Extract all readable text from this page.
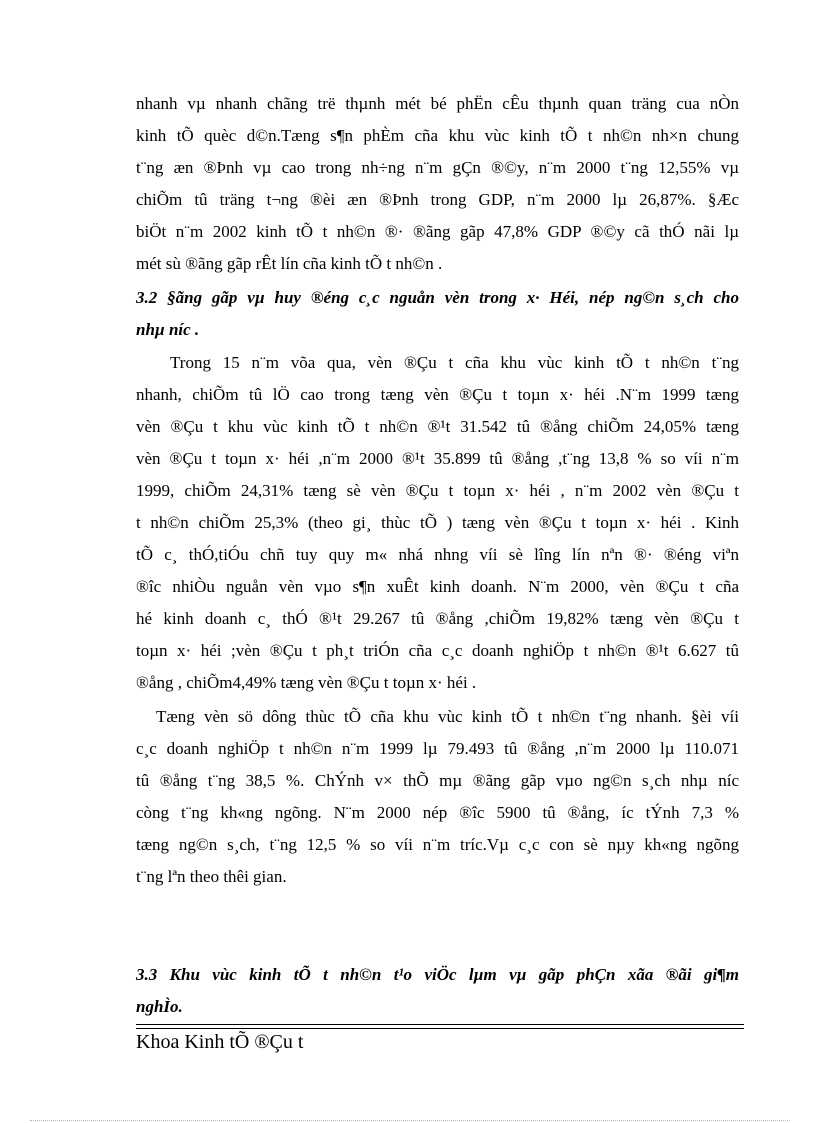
nhanh vµ nhanh chãng trë thµnh mét bé phËn cÊu thµnh quan träng cua nÒn
kinh tÕ quèc d©n.Tæng s¶n phÈm cña khu vùc kinh tÕ t nh©n nh×n chung
t¨ng æn ®Þnh vµ cao trong nh÷ng n¨m gÇn ®©y, n¨m 2000 t¨ng 12,55% vµ
chiÕm tû träng t¬ng ®èi æn ®Þnh trong GDP, n¨m 2000 lµ 26,87%. §Æc
biÖt n¨m 2002 kinh tÕ t nh©n ®· ®ãng gãp 47,8% GDP ®©y cã thÓ nãi lµ
mét sù ®ãng gãp rÊt lín cña kinh tÕ t nh©n .
3.2 §ãng gãp vµ huy ®éng c¸c nguån vèn trong x· Héi, nép ng©n s¸ch cho
nhµ níc .
Trong 15 n¨m võa qua, vèn ®Çu t cña khu vùc kinh tÕ t nh©n t¨ng
nhanh, chiÕm tû lÖ cao trong tæng vèn ®Çu t toµn x· héi .N¨m 1999 tæng
vèn ®Çu t khu vùc kinh tÕ t nh©n ®¹t 31.542 tû ®ång chiÕm 24,05% tæng
vèn ®Çu t toµn x· héi ,n¨m 2000 ®¹t 35.899 tû ®ång ,t¨ng 13,8 % so víi n¨m
1999, chiÕm 24,31% tæng sè vèn ®Çu t toµn x· héi , n¨m 2002 vèn ®Çu t
t nh©n chiÕm 25,3% (theo gi¸ thùc tÕ ) tæng vèn ®Çu t toµn x· héi . Kinh
tÕ c¸ thÓ,tiÓu chñ tuy quy m« nhá nhng víi sè lîng lín nªn ®· ®éng viªn
®îc nhiÒu nguån vèn vµo s¶n xuÊt kinh doanh. N¨m 2000, vèn ®Çu t cña
hé kinh doanh c¸ thÓ ®¹t 29.267 tû ®ång ,chiÕm 19,82% tæng vèn ®Çu t
toµn x· héi ;vèn ®Çu t ph¸t triÓn cña c¸c doanh nghiÖp t nh©n ®¹t 6.627 tû
®ång , chiÕm4,49% tæng vèn ®Çu t toµn x· héi .
Tæng vèn sö dông thùc tÕ cña khu vùc kinh tÕ t nh©n t¨ng nhanh. §èi víi
c¸c doanh nghiÖp t nh©n n¨m 1999 lµ 79.493 tû ®ång ,n¨m 2000 lµ 110.071
tû ®ång t¨ng 38,5 %. ChÝnh v× thÕ mµ ®ãng gãp vµo ng©n s¸ch nhµ níc
còng t¨ng kh«ng ngõng. N¨m 2000 nép ®îc 5900 tû ®ång, íc tÝnh 7,3 %
tæng ng©n s¸ch, t¨ng 12,5 % so víi n¨m tríc.Vµ c¸c con sè nµy kh«ng ngõng
t¨ng lªn theo thêi gian.
3.3 Khu vùc kinh tÕ t nh©n t¹o viÖc lµm vµ gãp phÇn xãa ®ãi gi¶m
nghÌo.
Khoa Kinh tÕ ®Çu t
